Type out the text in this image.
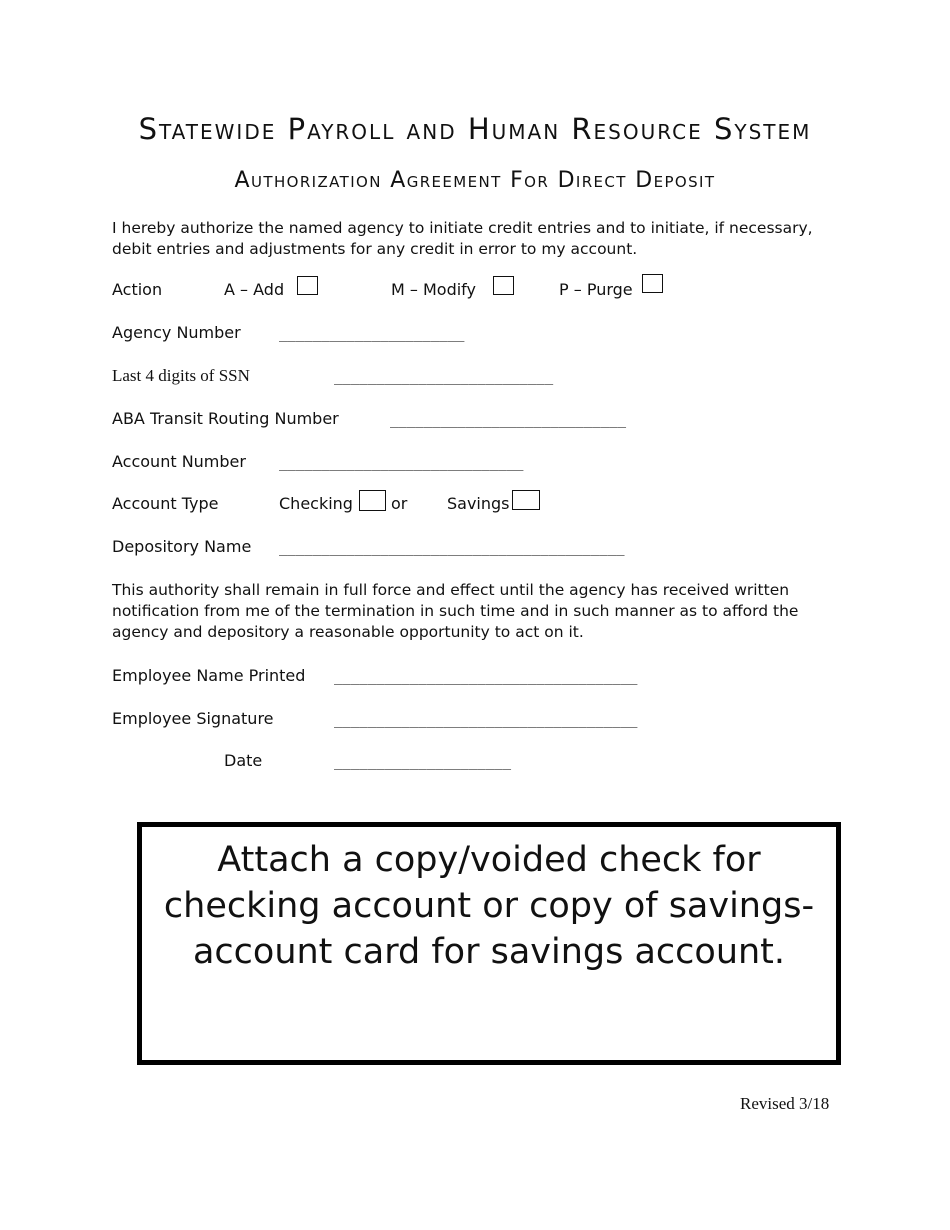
Statewide Payroll and Human Resource System
Authorization Agreement For Direct Deposit
I hereby authorize the named agency to initiate credit entries and to initiate, if necessary, debit entries and adjustments for any credit in error to my account.
Action	A – Add	M – Modify	P – Purge
Agency Number	______________________
Last 4 digits of SSN	__________________________
ABA Transit Routing Number	____________________________
Account Number _____________________________
Account Type	Checking or Savings
Depository Name _________________________________________
This authority shall remain in full force and effect until the agency has received written notification from me of the termination in such time and in such manner as to afford the agency and depository a reasonable opportunity to act on it.
Employee Name Printed ____________________________________
Employee Signature	____________________________________
Date	_____________________
Attach a copy/voided check for checking account or copy of savings-account card for savings account.
Revised 3/18
